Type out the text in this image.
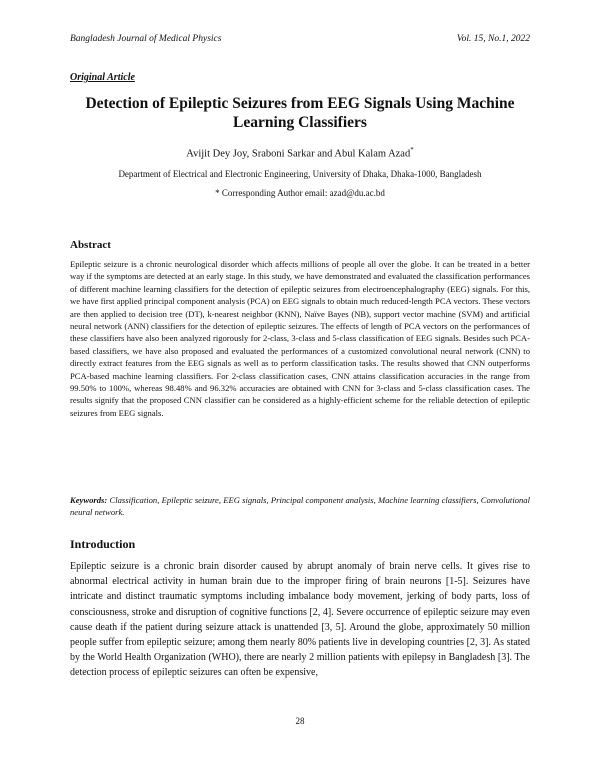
Bangladesh Journal of Medical Physics	Vol. 15, No.1, 2022
Original Article
Detection of Epileptic Seizures from EEG Signals Using Machine Learning Classifiers
Avijit Dey Joy, Sraboni Sarkar and Abul Kalam Azad*
Department of Electrical and Electronic Engineering, University of Dhaka, Dhaka-1000, Bangladesh
* Corresponding Author email: azad@du.ac.bd
Abstract

Epileptic seizure is a chronic neurological disorder which affects millions of people all over the globe. It can be treated in a better way if the symptoms are detected at an early stage. In this study, we have demonstrated and evaluated the classification performances of different machine learning classifiers for the detection of epileptic seizures from electroencephalography (EEG) signals. For this, we have first applied principal component analysis (PCA) on EEG signals to obtain much reduced-length PCA vectors. These vectors are then applied to decision tree (DT), k-nearest neighbor (KNN), Naïve Bayes (NB), support vector machine (SVM) and artificial neural network (ANN) classifiers for the detection of epileptic seizures. The effects of length of PCA vectors on the performances of these classifiers have also been analyzed rigorously for 2-class, 3-class and 5-class classification of EEG signals. Besides such PCA-based classifiers, we have also proposed and evaluated the performances of a customized convolutional neural network (CNN) to directly extract features from the EEG signals as well as to perform classification tasks. The results showed that CNN outperforms PCA-based machine learning classifiers. For 2-class classification cases, CNN attains classification accuracies in the range from 99.50% to 100%, whereas 98.48% and 96.32% accuracies are obtained with CNN for 3-class and 5-class classification cases. The results signify that the proposed CNN classifier can be considered as a highly-efficient scheme for the reliable detection of epileptic seizures from EEG signals.

Keywords: Classification, Epileptic seizure, EEG signals, Principal component analysis, Machine learning classifiers, Convolutional neural network.

Introduction

Epileptic seizure is a chronic brain disorder caused by abrupt anomaly of brain nerve cells. It gives rise to abnormal electrical activity in human brain due to the improper firing of brain neurons [1-5]. Seizures have intricate and distinct traumatic symptoms including imbalance body movement, jerking of body parts, loss of consciousness, stroke and disruption of cognitive functions [2, 4]. Severe occurrence of epileptic seizure may even cause death if the patient during seizure attack is unattended [3, 5]. Around the globe, approximately 50 million people suffer from epileptic seizure; among them nearly 80% patients live in developing countries [2, 3]. As stated by the World Health Organization (WHO), there are nearly 2 million patients with epilepsy in Bangladesh [3]. The detection process of epileptic seizures can often be expensive,

28
